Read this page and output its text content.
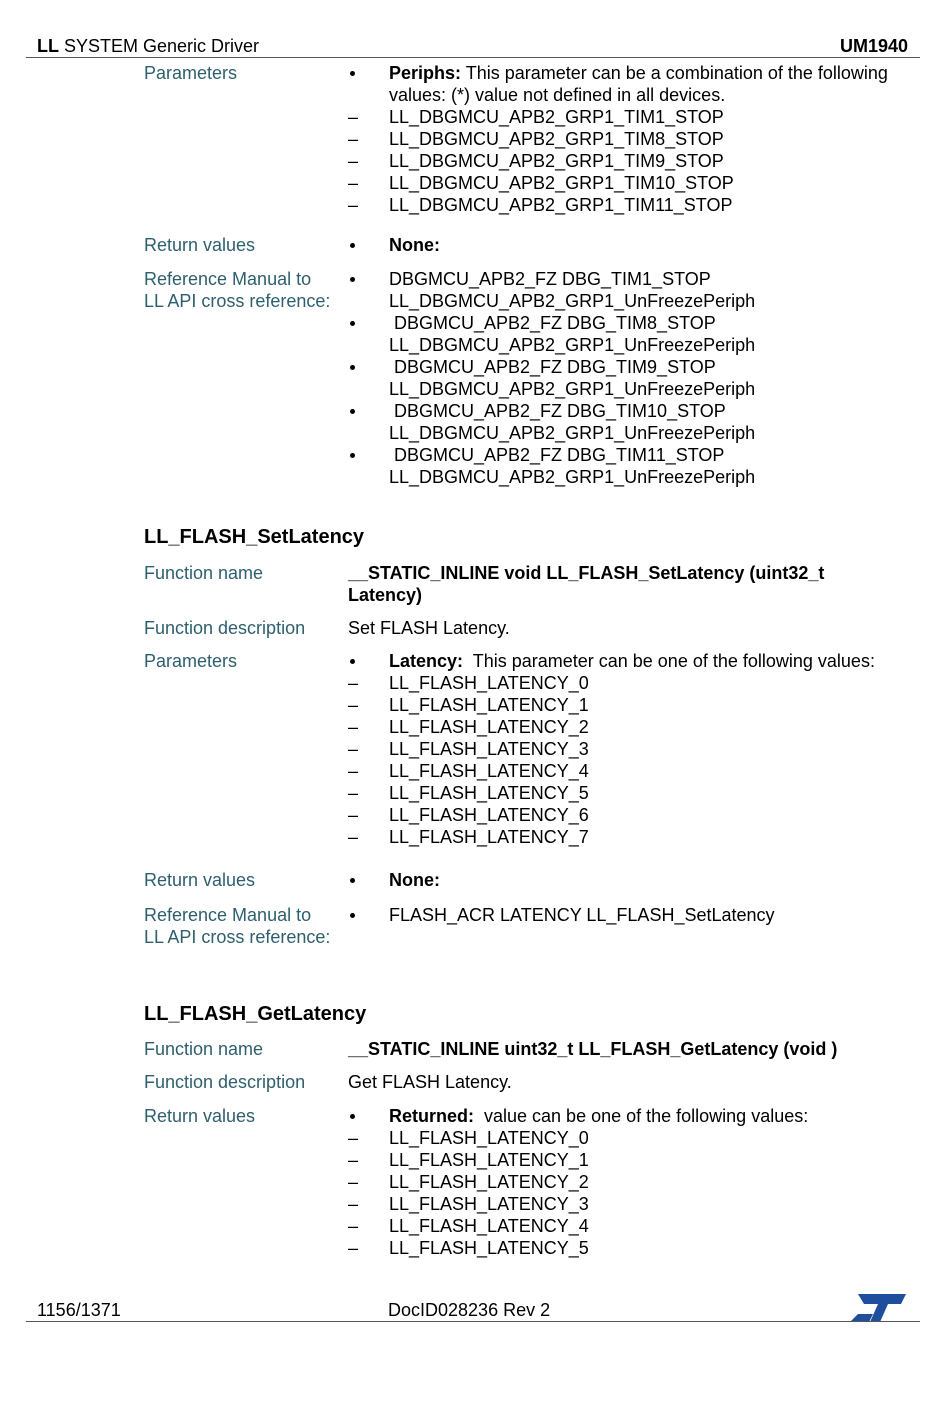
LL SYSTEM Generic Driver	UM1940
Parameters	Periphs: This parameter can be a combination of the following values: (*) value not defined in all devices.
– LL_DBGMCU_APB2_GRP1_TIM1_STOP
– LL_DBGMCU_APB2_GRP1_TIM8_STOP
– LL_DBGMCU_APB2_GRP1_TIM9_STOP
– LL_DBGMCU_APB2_GRP1_TIM10_STOP
– LL_DBGMCU_APB2_GRP1_TIM11_STOP
Return values	None:
Reference Manual to LL API cross reference:
DBGMCU_APB2_FZ DBG_TIM1_STOP
LL_DBGMCU_APB2_GRP1_UnFreezePeriph
DBGMCU_APB2_FZ DBG_TIM8_STOP
LL_DBGMCU_APB2_GRP1_UnFreezePeriph
DBGMCU_APB2_FZ DBG_TIM9_STOP
LL_DBGMCU_APB2_GRP1_UnFreezePeriph
DBGMCU_APB2_FZ DBG_TIM10_STOP
LL_DBGMCU_APB2_GRP1_UnFreezePeriph
DBGMCU_APB2_FZ DBG_TIM11_STOP
LL_DBGMCU_APB2_GRP1_UnFreezePeriph
LL_FLASH_SetLatency
Function name	__STATIC_INLINE void LL_FLASH_SetLatency (uint32_t Latency)
Function description	Set FLASH Latency.
Parameters	Latency:  This parameter can be one of the following values:
– LL_FLASH_LATENCY_0
– LL_FLASH_LATENCY_1
– LL_FLASH_LATENCY_2
– LL_FLASH_LATENCY_3
– LL_FLASH_LATENCY_4
– LL_FLASH_LATENCY_5
– LL_FLASH_LATENCY_6
– LL_FLASH_LATENCY_7
Return values	None:
Reference Manual to LL API cross reference:
FLASH_ACR LATENCY LL_FLASH_SetLatency
LL_FLASH_GetLatency
Function name	__STATIC_INLINE uint32_t LL_FLASH_GetLatency (void )
Function description	Get FLASH Latency.
Return values	Returned:  value can be one of the following values:
– LL_FLASH_LATENCY_0
– LL_FLASH_LATENCY_1
– LL_FLASH_LATENCY_2
– LL_FLASH_LATENCY_3
– LL_FLASH_LATENCY_4
– LL_FLASH_LATENCY_5
1156/1371	DocID028236 Rev 2
